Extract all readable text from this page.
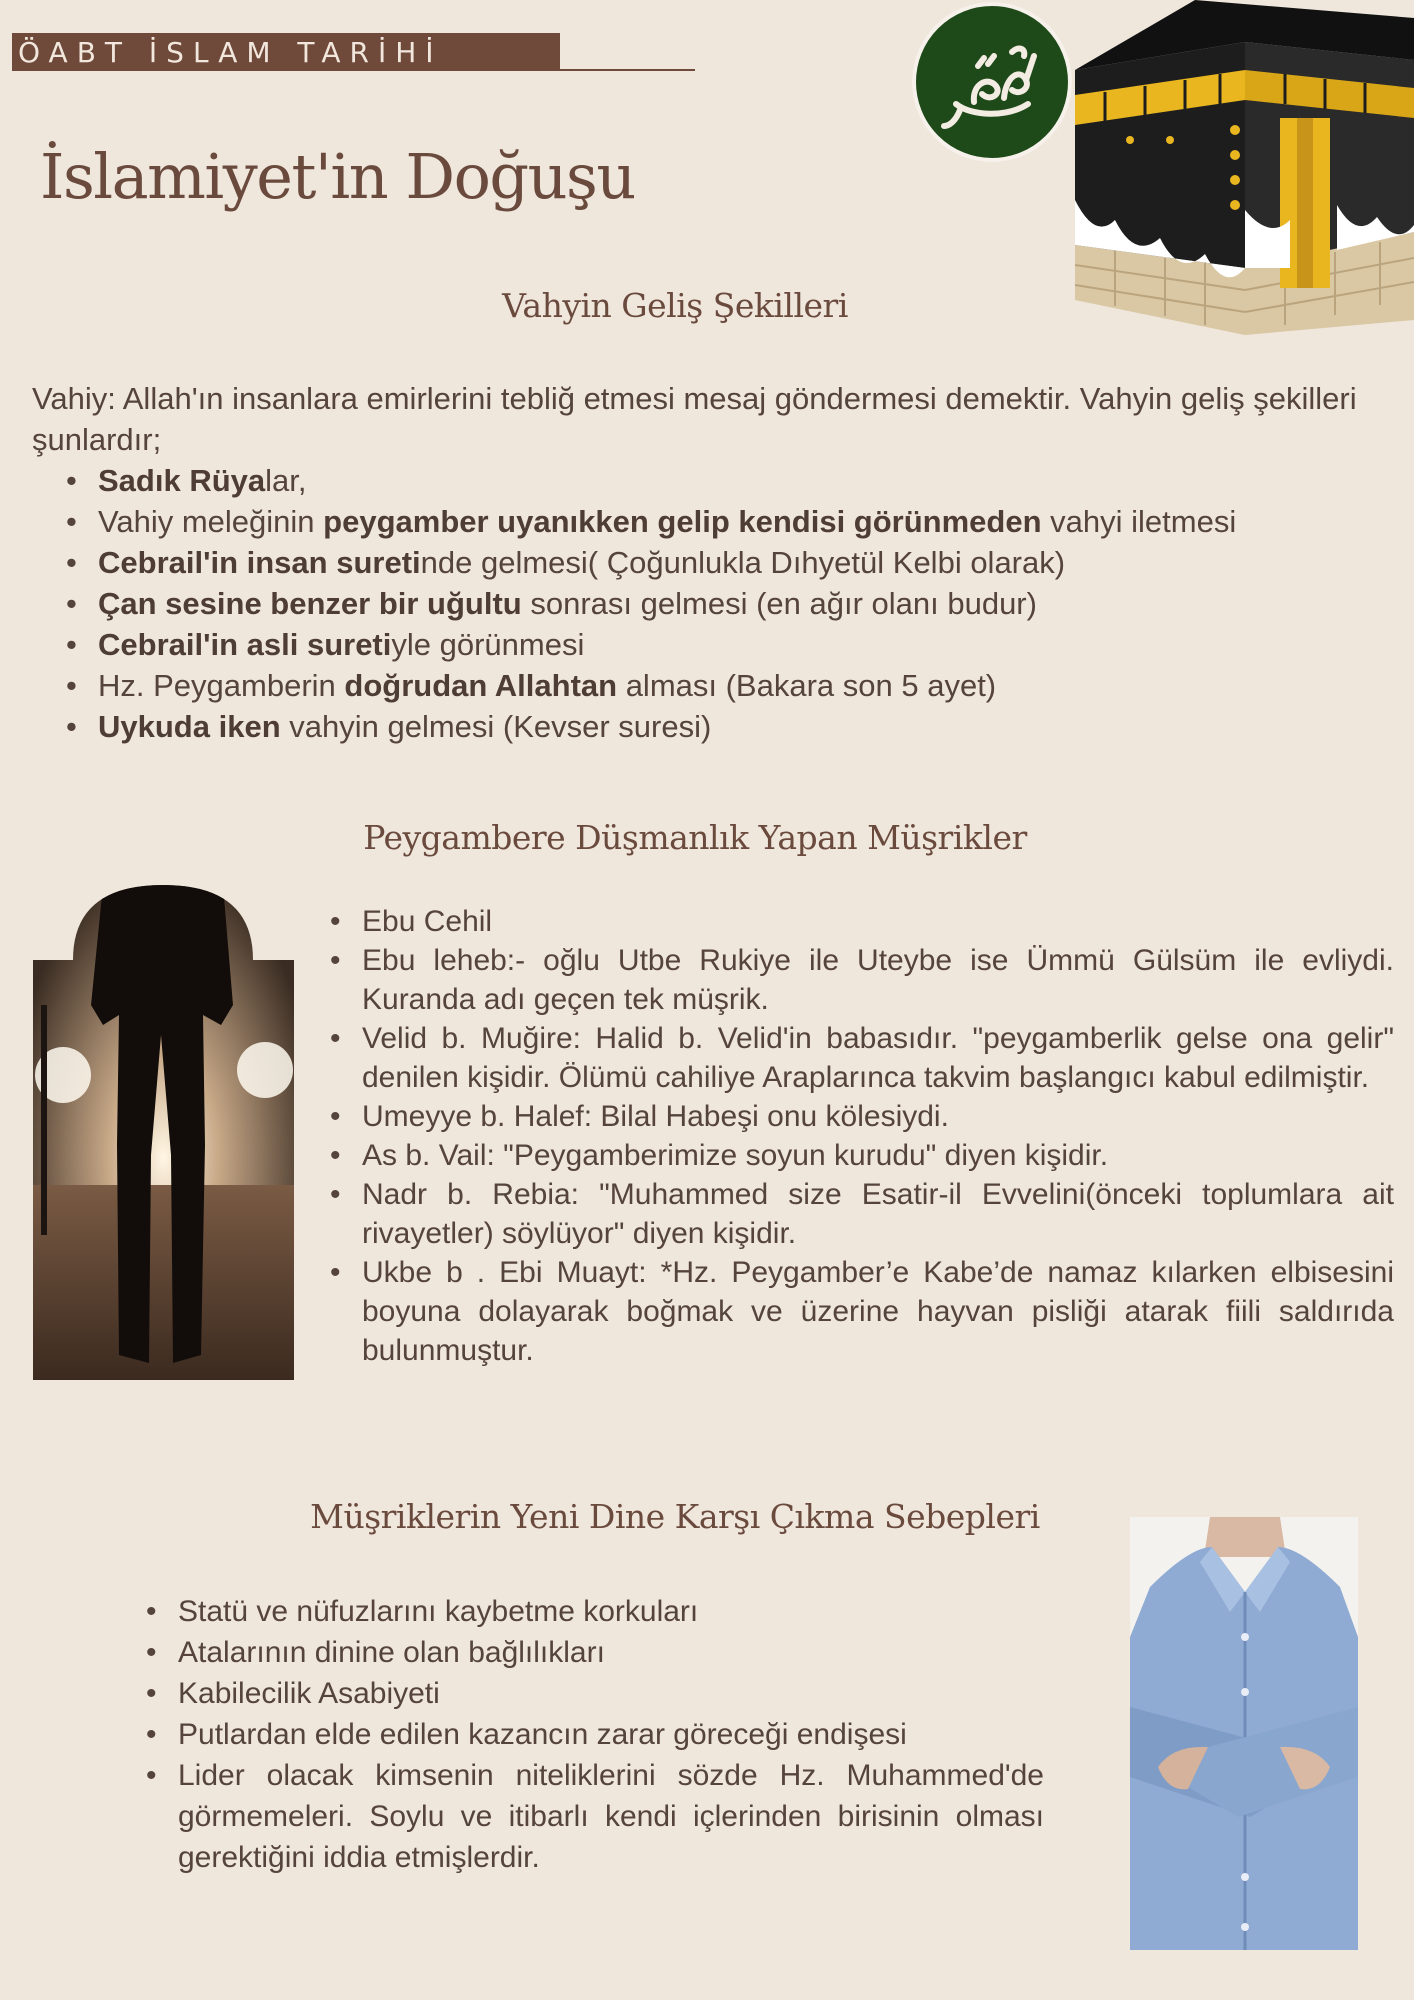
ÖABT İSLAM TARİHİ
İslamiyet'in Doğuşu
Vahyin Geliş Şekilleri

Vahiy: Allah'ın insanlara emirlerini tebliğ etmesi mesaj göndermesi demektir. Vahyin geliş şekilleri şunlardır;

• Sadık Rüyalar,
• Vahiy meleğinin peygamber uyanıkken gelip kendisi görünmeden vahyi iletmesi
• Cebrail'in insan suretinde gelmesi( Çoğunlukla Dıhyetül Kelbi olarak)
• Çan sesine benzer bir uğultu sonrası gelmesi (en ağır olanı budur)
• Cebrail'in asli suretiyle görünmesi
• Hz. Peygamberin doğrudan Allahtan alması (Bakara son 5 ayet)
• Uykuda iken vahyin gelmesi (Kevser suresi)
Peygambere Düşmanlık Yapan Müşrikler
• Ebu Cehil
• Ebu leheb:- oğlu Utbe Rukiye ile Uteybe ise Ümmü Gülsüm ile evliydi. Kuranda adı geçen tek müşrik.
• Velid b. Muğire: Halid b. Velid'in babasıdır. "peygamberlik gelse ona gelir" denilen kişidir. Ölümü cahiliye Araplarınca takvim başlangıcı kabul edilmiştir.
• Umeyye b. Halef: Bilal Habeşi onu kölesiydi.
• As b. Vail: "Peygamberimize soyun kurudu" diyen kişidir.
• Nadr b. Rebia: "Muhammed size Esatir-il Evvelini(önceki toplumlara ait rivayetler) söylüyor" diyen kişidir.
• Ukbe b . Ebi Muayt: *Hz. Peygamber’e Kabe’de namaz kılarken elbisesini boyuna dolayarak boğmak ve üzerine hayvan pisliği atarak fiili saldırıda bulunmuştur.
Müşriklerin Yeni Dine Karşı Çıkma Sebepleri
• Statü ve nüfuzlarını kaybetme korkuları
• Atalarının dinine olan bağlılıkları
• Kabilecilik Asabiyeti
• Putlardan elde edilen kazancın zarar göreceği endişesi
• Lider olacak kimsenin niteliklerini sözde Hz. Muhammed'de görmemeleri. Soylu ve itibarlı kendi içlerinden birisinin olması gerektiğini iddia etmişlerdir.
